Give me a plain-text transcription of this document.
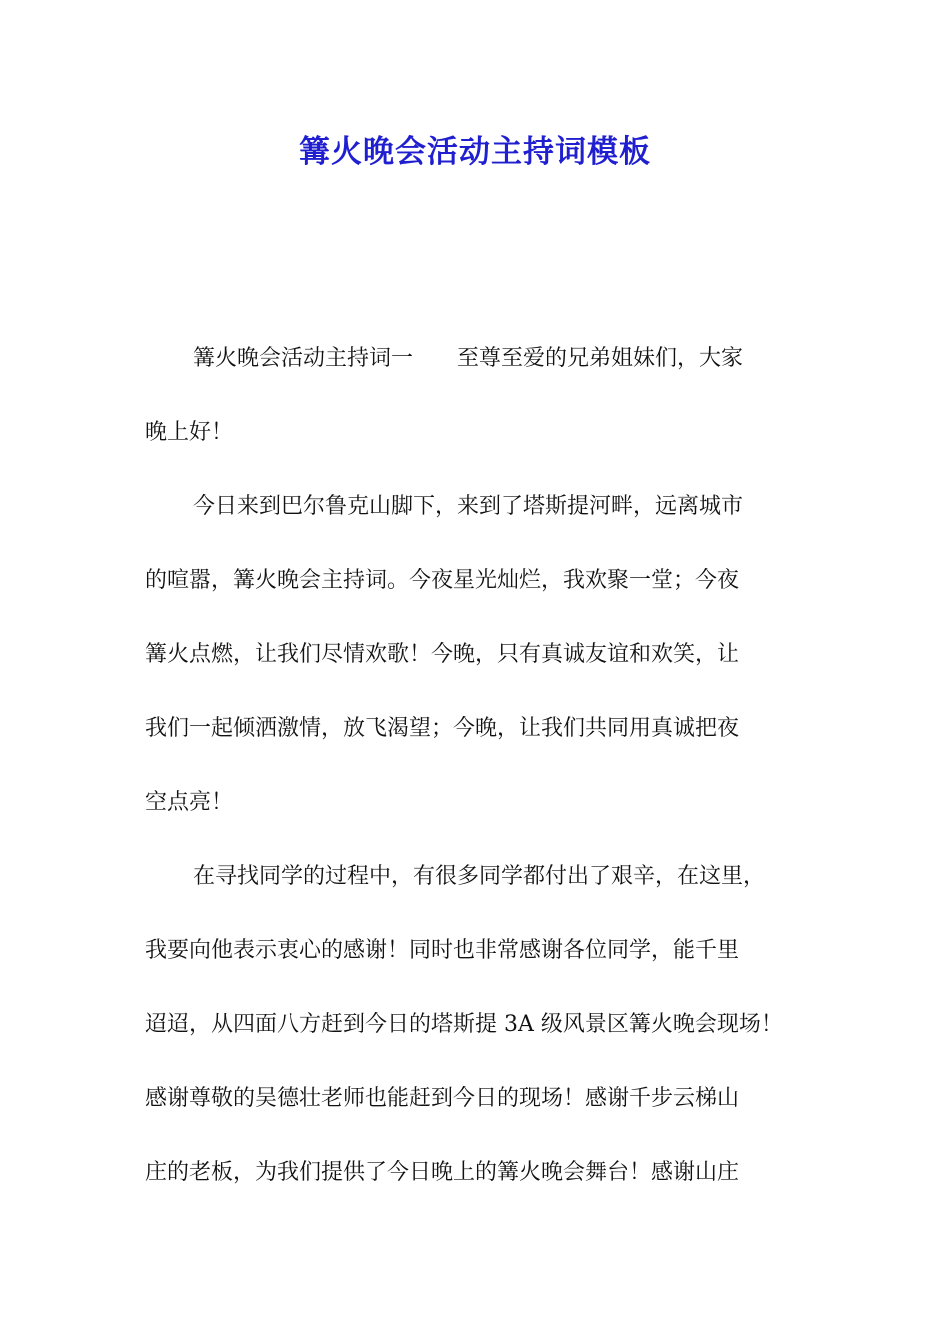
篝火晚会活动主持词模板
篝火晚会活动主持词一　　至尊至爱的兄弟姐妹们，大家
晚上好！
今日来到巴尔鲁克山脚下，来到了塔斯提河畔，远离城市
的喧嚣，篝火晚会主持词。今夜星光灿烂，我欢聚一堂；今夜
篝火点燃，让我们尽情欢歌！今晚，只有真诚友谊和欢笑，让
我们一起倾洒激情，放飞渴望；今晚，让我们共同用真诚把夜
空点亮！
在寻找同学的过程中，有很多同学都付出了艰辛，在这里，
我要向他表示衷心的感谢！同时也非常感谢各位同学，能千里
迢迢，从四面八方赶到今日的塔斯提 3A 级风景区篝火晚会现场！
感谢尊敬的吴德壮老师也能赶到今日的现场！感谢千步云梯山
庄的老板，为我们提供了今日晚上的篝火晚会舞台！感谢山庄
